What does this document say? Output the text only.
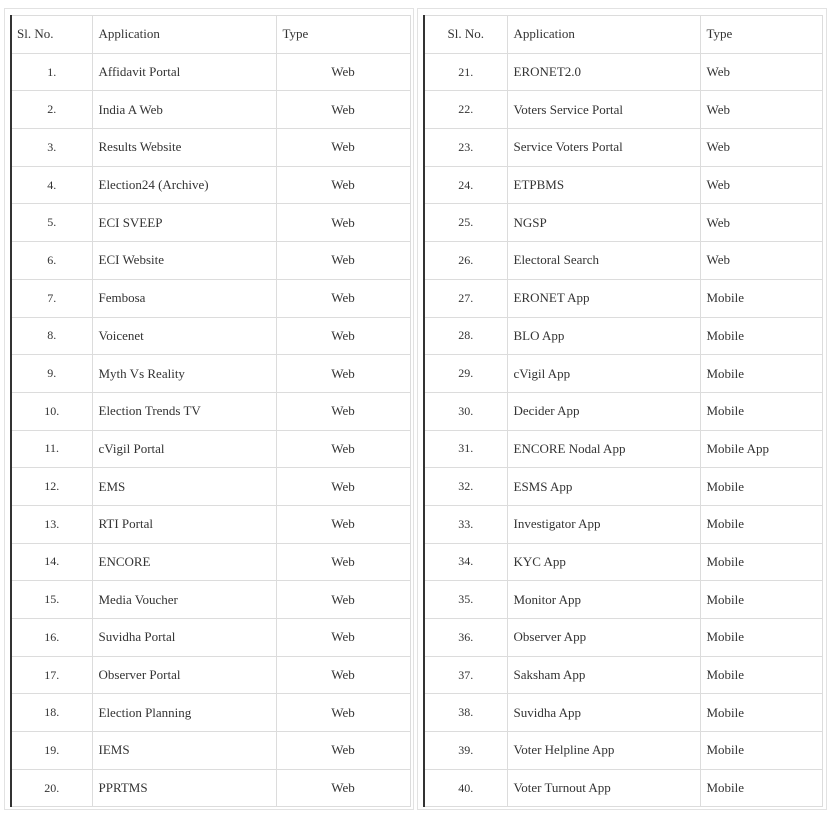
Sl. No.	Application	Type
1.	Affidavit Portal	Web
2.	India A Web	Web
3.	Results Website	Web
4.	Election24 (Archive)	Web
5.	ECI SVEEP	Web
6.	ECI Website	Web
7.	Fembosa	Web
8.	Voicenet	Web
9.	Myth Vs Reality	Web
10.	Election Trends TV	Web
11.	cVigil Portal	Web
12.	EMS	Web
13.	RTI Portal	Web
14.	ENCORE	Web
15.	Media Voucher	Web
16.	Suvidha Portal	Web
17.	Observer Portal	Web
18.	Election Planning	Web
19.	IEMS	Web
20.	PPRTMS	Web
Sl. No.	Application	Type
21.	ERONET2.0	Web
22.	Voters Service Portal	Web
23.	Service Voters Portal	Web
24.	ETPBMS	Web
25.	NGSP	Web
26.	Electoral Search	Web
27.	ERONET App	Mobile
28.	BLO App	Mobile
29.	cVigil App	Mobile
30.	Decider App	Mobile
31.	ENCORE Nodal App	Mobile App
32.	ESMS App	Mobile
33.	Investigator App	Mobile
34.	KYC App	Mobile
35.	Monitor App	Mobile
36.	Observer App	Mobile
37.	Saksham App	Mobile
38.	Suvidha App	Mobile
39.	Voter Helpline App	Mobile
40.	Voter Turnout App	Mobile
